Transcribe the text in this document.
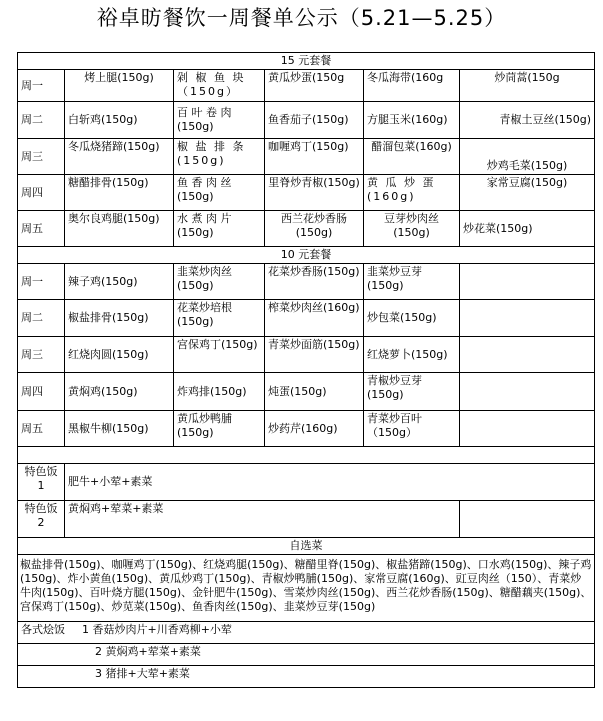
裕卓昉餐饮一周餐单公示（5.21—5.25）
15 元套餐					
周一	烤上腿(150g)	剁 椒 鱼 块（150g）	黄瓜炒蛋(150g	冬瓜海带(160g	炒茼蒿(150g
周二	白斩鸡(150g)	百 叶 卷 肉(150g)	鱼香茄子(150g)	方腿玉米(160g)	青椒土豆丝(150g)
周三	冬瓜烧猪蹄(150g)	椒 盐 排 条(150g)	咖喱鸡丁(150g)	醋溜包菜(160g)	炒鸡毛菜(150g)
周四	糖醋排骨(150g)	鱼 香 肉 丝(150g)	里脊炒青椒(150g)	黄 瓜 炒 蛋(160g)	家常豆腐(150g)
周五	奥尔良鸡腿(150g)	水 煮 肉 片(150g)	西兰花炒香肠(150g)	豆芽炒肉丝(150g)	炒花菜(150g)
10 元套餐					
周一	辣子鸡(150g)	韭菜炒肉丝(150g)	花菜炒香肠(150g)	韭菜炒豆芽(150g)	
周二	椒盐排骨(150g)	花菜炒培根(150g)	榨菜炒肉丝(160g)	炒包菜(150g)	
周三	红烧肉圆(150g)	宫保鸡丁(150g)	青菜炒面筋(150g)	红烧萝卜(150g)	
周四	黄焖鸡(150g)	炸鸡排(150g)	炖蛋(150g)	青椒炒豆芽(150g)	
周五	黑椒牛柳(150g)	黄瓜炒鸭脯(150g)	炒药芹(160g)	青菜炒百叶（150g）	

特色饭 1	肥牛+小荤+素菜				
特色饭 2	黄焖鸡+荤菜+素菜				
自选菜					
椒盐排骨(150g)、咖喱鸡丁(150g)、红烧鸡腿(150g)、糖醋里脊(150g)、椒盐猪蹄(150g)、口水鸡(150g)、辣子鸡(150g)、炸小黄鱼(150g)、黄瓜炒鸡丁(150g)、青椒炒鸭脯(150g)、家常豆腐(160g)、豇豆肉丝（150）、青菜炒牛肉(150g)、百叶烧方腿(150g)、金针肥牛(150g)、雪菜炒肉丝(150g)、西兰花炒香肠(150g)、糖醋藕夹(150g)、宫保鸡丁(150g)、炒苋菜(150g)、鱼香肉丝(150g)、韭菜炒豆芽(150g)					
各式烩饭 1 香菇炒肉片+川香鸡柳+小荤					
2 黄焖鸡+荤菜+素菜					
3 猪排+大荤+素菜					
